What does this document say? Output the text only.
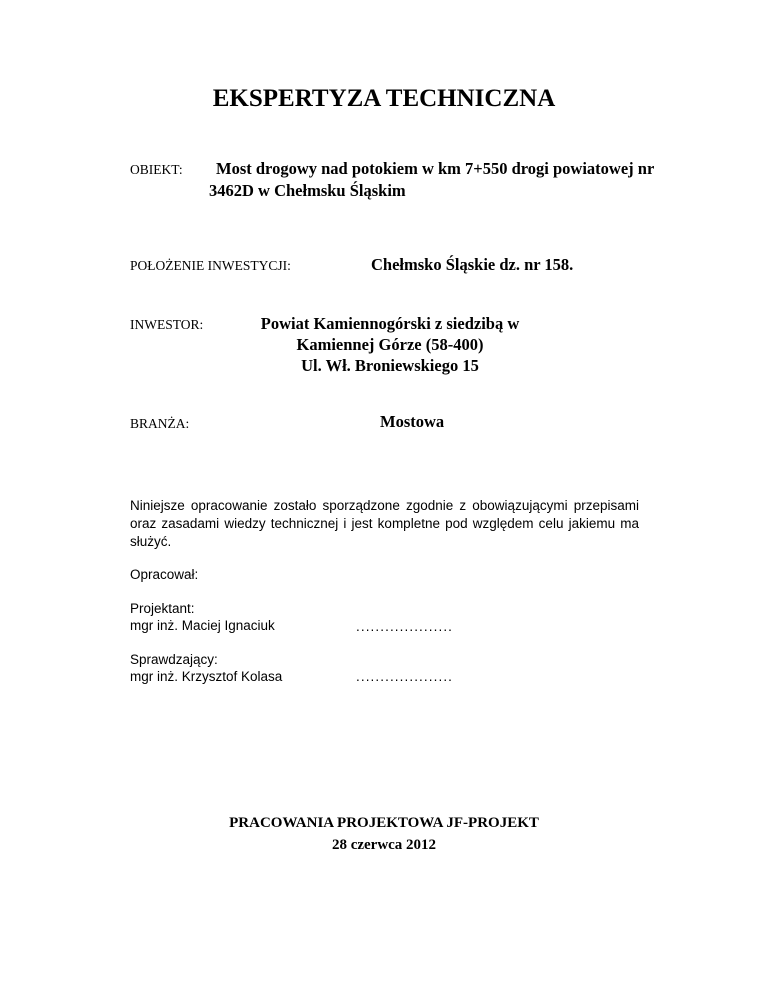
EKSPERTYZA TECHNICZNA
OBIEKT: Most drogowy nad potokiem w km 7+550 drogi powiatowej nr
3462D w Chełmsku Śląskim
POŁOŻENIE INWESTYCJI:	Chełmsko Śląskie dz. nr 158.
INWESTOR:	Powiat Kamiennogórski z siedzibą w
Kamiennej Górze (58-400)
Ul. Wł. Broniewskiego 15
BRANŻA:	Mostowa
Niniejsze opracowanie zostało sporządzone zgodnie z obowiązującymi przepisami oraz zasadami wiedzy technicznej i jest kompletne pod względem celu jakiemu ma służyć.
Opracował:
Projektant:
mgr inż. Maciej Ignaciuk	....................
Sprawdzający:
mgr inż. Krzysztof Kolasa	....................
PRACOWANIA PROJEKTOWA JF-PROJEKT
28 czerwca 2012
